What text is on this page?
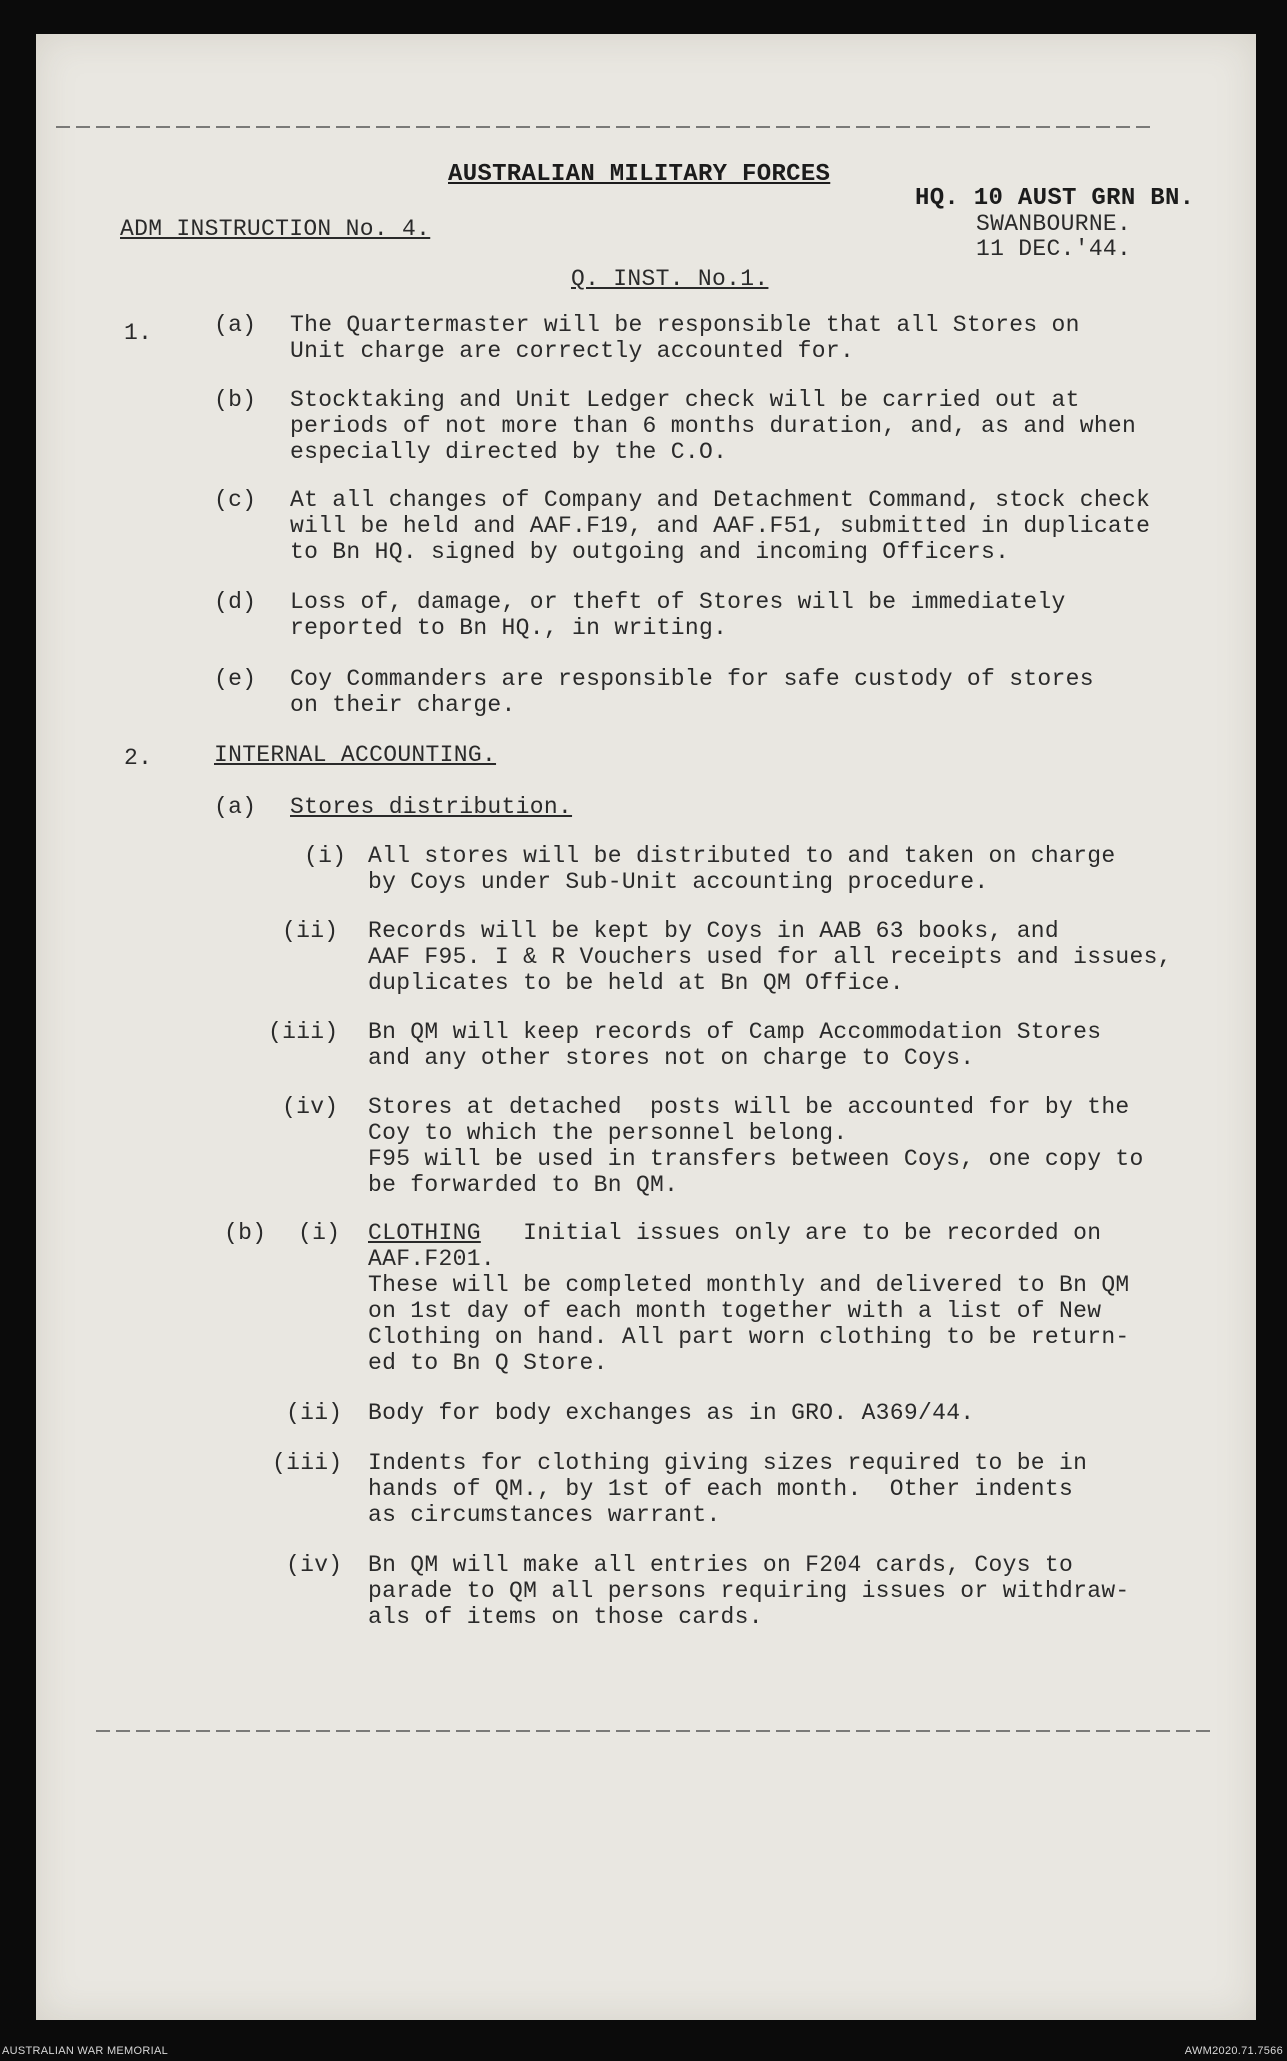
AUSTRALIAN MILITARY FORCES
HQ. 10 AUST GRN BN.
SWANBOURNE.
11 DEC.'44.
ADM INSTRUCTION No. 4.
Q. INST. No.1.
1.	(a) The Quartermaster will be responsible that all Stores on
Unit charge are correctly accounted for.
(b) Stocktaking and Unit Ledger check will be carried out at
periods of not more than 6 months duration, and, as and when
especially directed by the C.O.
(c) At all changes of Company and Detachment Command, stock check
will be held and AAF.F19, and AAF.F51, submitted in duplicate
to Bn HQ. signed by outgoing and incoming Officers.
(d) Loss of, damage, or theft of Stores will be immediately
reported to Bn HQ., in writing.
(e) Coy Commanders are responsible for safe custody of stores
on their charge.
2.	INTERNAL ACCOUNTING.
(a) Stores distribution.
(i) All stores will be distributed to and taken on charge
by Coys under Sub-Unit accounting procedure.
(ii) Records will be kept by Coys in AAB 63 books, and
AAF F95. I & R Vouchers used for all receipts and issues,
duplicates to be held at Bn QM Office.
(iii) Bn QM will keep records of Camp Accommodation Stores
and any other stores not on charge to Coys.
(iv) Stores at detached  posts will be accounted for by the
Coy to which the personnel belong.
F95 will be used in transfers between Coys, one copy to
be forwarded to Bn QM.
(b) (i) CLOTHING   Initial issues only are to be recorded on
AAF.F201.
These will be completed monthly and delivered to Bn QM
on 1st day of each month together with a list of New
Clothing on hand. All part worn clothing to be return-
ed to Bn Q Store.
(ii) Body for body exchanges as in GRO. A369/44.
(iii) Indents for clothing giving sizes required to be in
hands of QM., by 1st of each month.  Other indents
as circumstances warrant.
(iv) Bn QM will make all entries on F204 cards, Coys to
parade to QM all persons requiring issues or withdraw-
als of items on those cards.
AUSTRALIAN WAR MEMORIAL	AWM2020.71.7566
